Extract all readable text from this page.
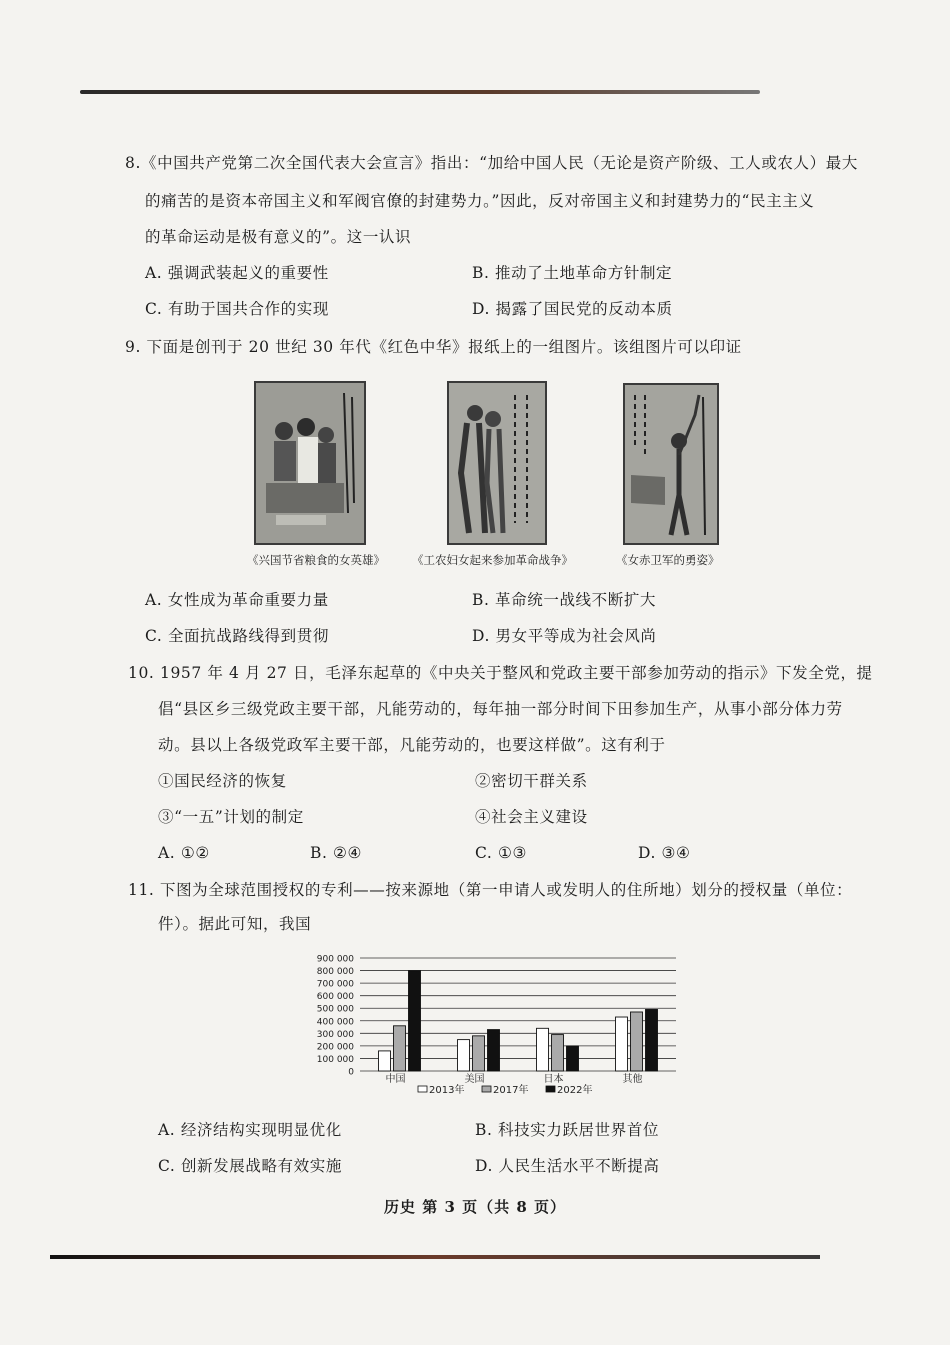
8.《中国共产党第二次全国代表大会宣言》指出：“加给中国人民（无论是资产阶级、工人或农人）最大
的痛苦的是资本帝国主义和军阀官僚的封建势力。”因此，反对帝国主义和封建势力的“民主主义
的革命运动是极有意义的”。这一认识
A. 强调武装起义的重要性	B. 推动了土地革命方针制定
C. 有助于国共合作的实现	D. 揭露了国民党的反动本质
9. 下面是创刊于 20 世纪 30 年代《红色中华》报纸上的一组图片。该组图片可以印证
《兴国节省粮食的女英雄》 《工农妇女起来参加革命战争》	《女赤卫军的勇姿》
A. 女性成为革命重要力量	B. 革命统一战线不断扩大
C. 全面抗战路线得到贯彻	D. 男女平等成为社会风尚
10. 1957 年 4 月 27 日，毛泽东起草的《中央关于整风和党政主要干部参加劳动的指示》下发全党，提
倡“县区乡三级党政主要干部，凡能劳动的，每年抽一部分时间下田参加生产，从事小部分体力劳
动。县以上各级党政军主要干部，凡能劳动的，也要这样做”。这有利于
①国民经济的恢复	②密切干群关系
③“一五”计划的制定	④社会主义建设
A. ①②	B. ②④	C. ①③	D. ③④
11. 下图为全球范围授权的专利——按来源地（第一申请人或发明人的住所地）划分的授权量（单位：
件）。据此可知，我国
900 000
800 000
700 000
600 000
500 000
400 000
300 000
200 000
100 000
0
中国	美国	日本	其他
2013年	2017年	2022年
A. 经济结构实现明显优化	B. 科技实力跃居世界首位
C. 创新发展战略有效实施	D. 人民生活水平不断提高
历史 第 3 页（共 8 页）
